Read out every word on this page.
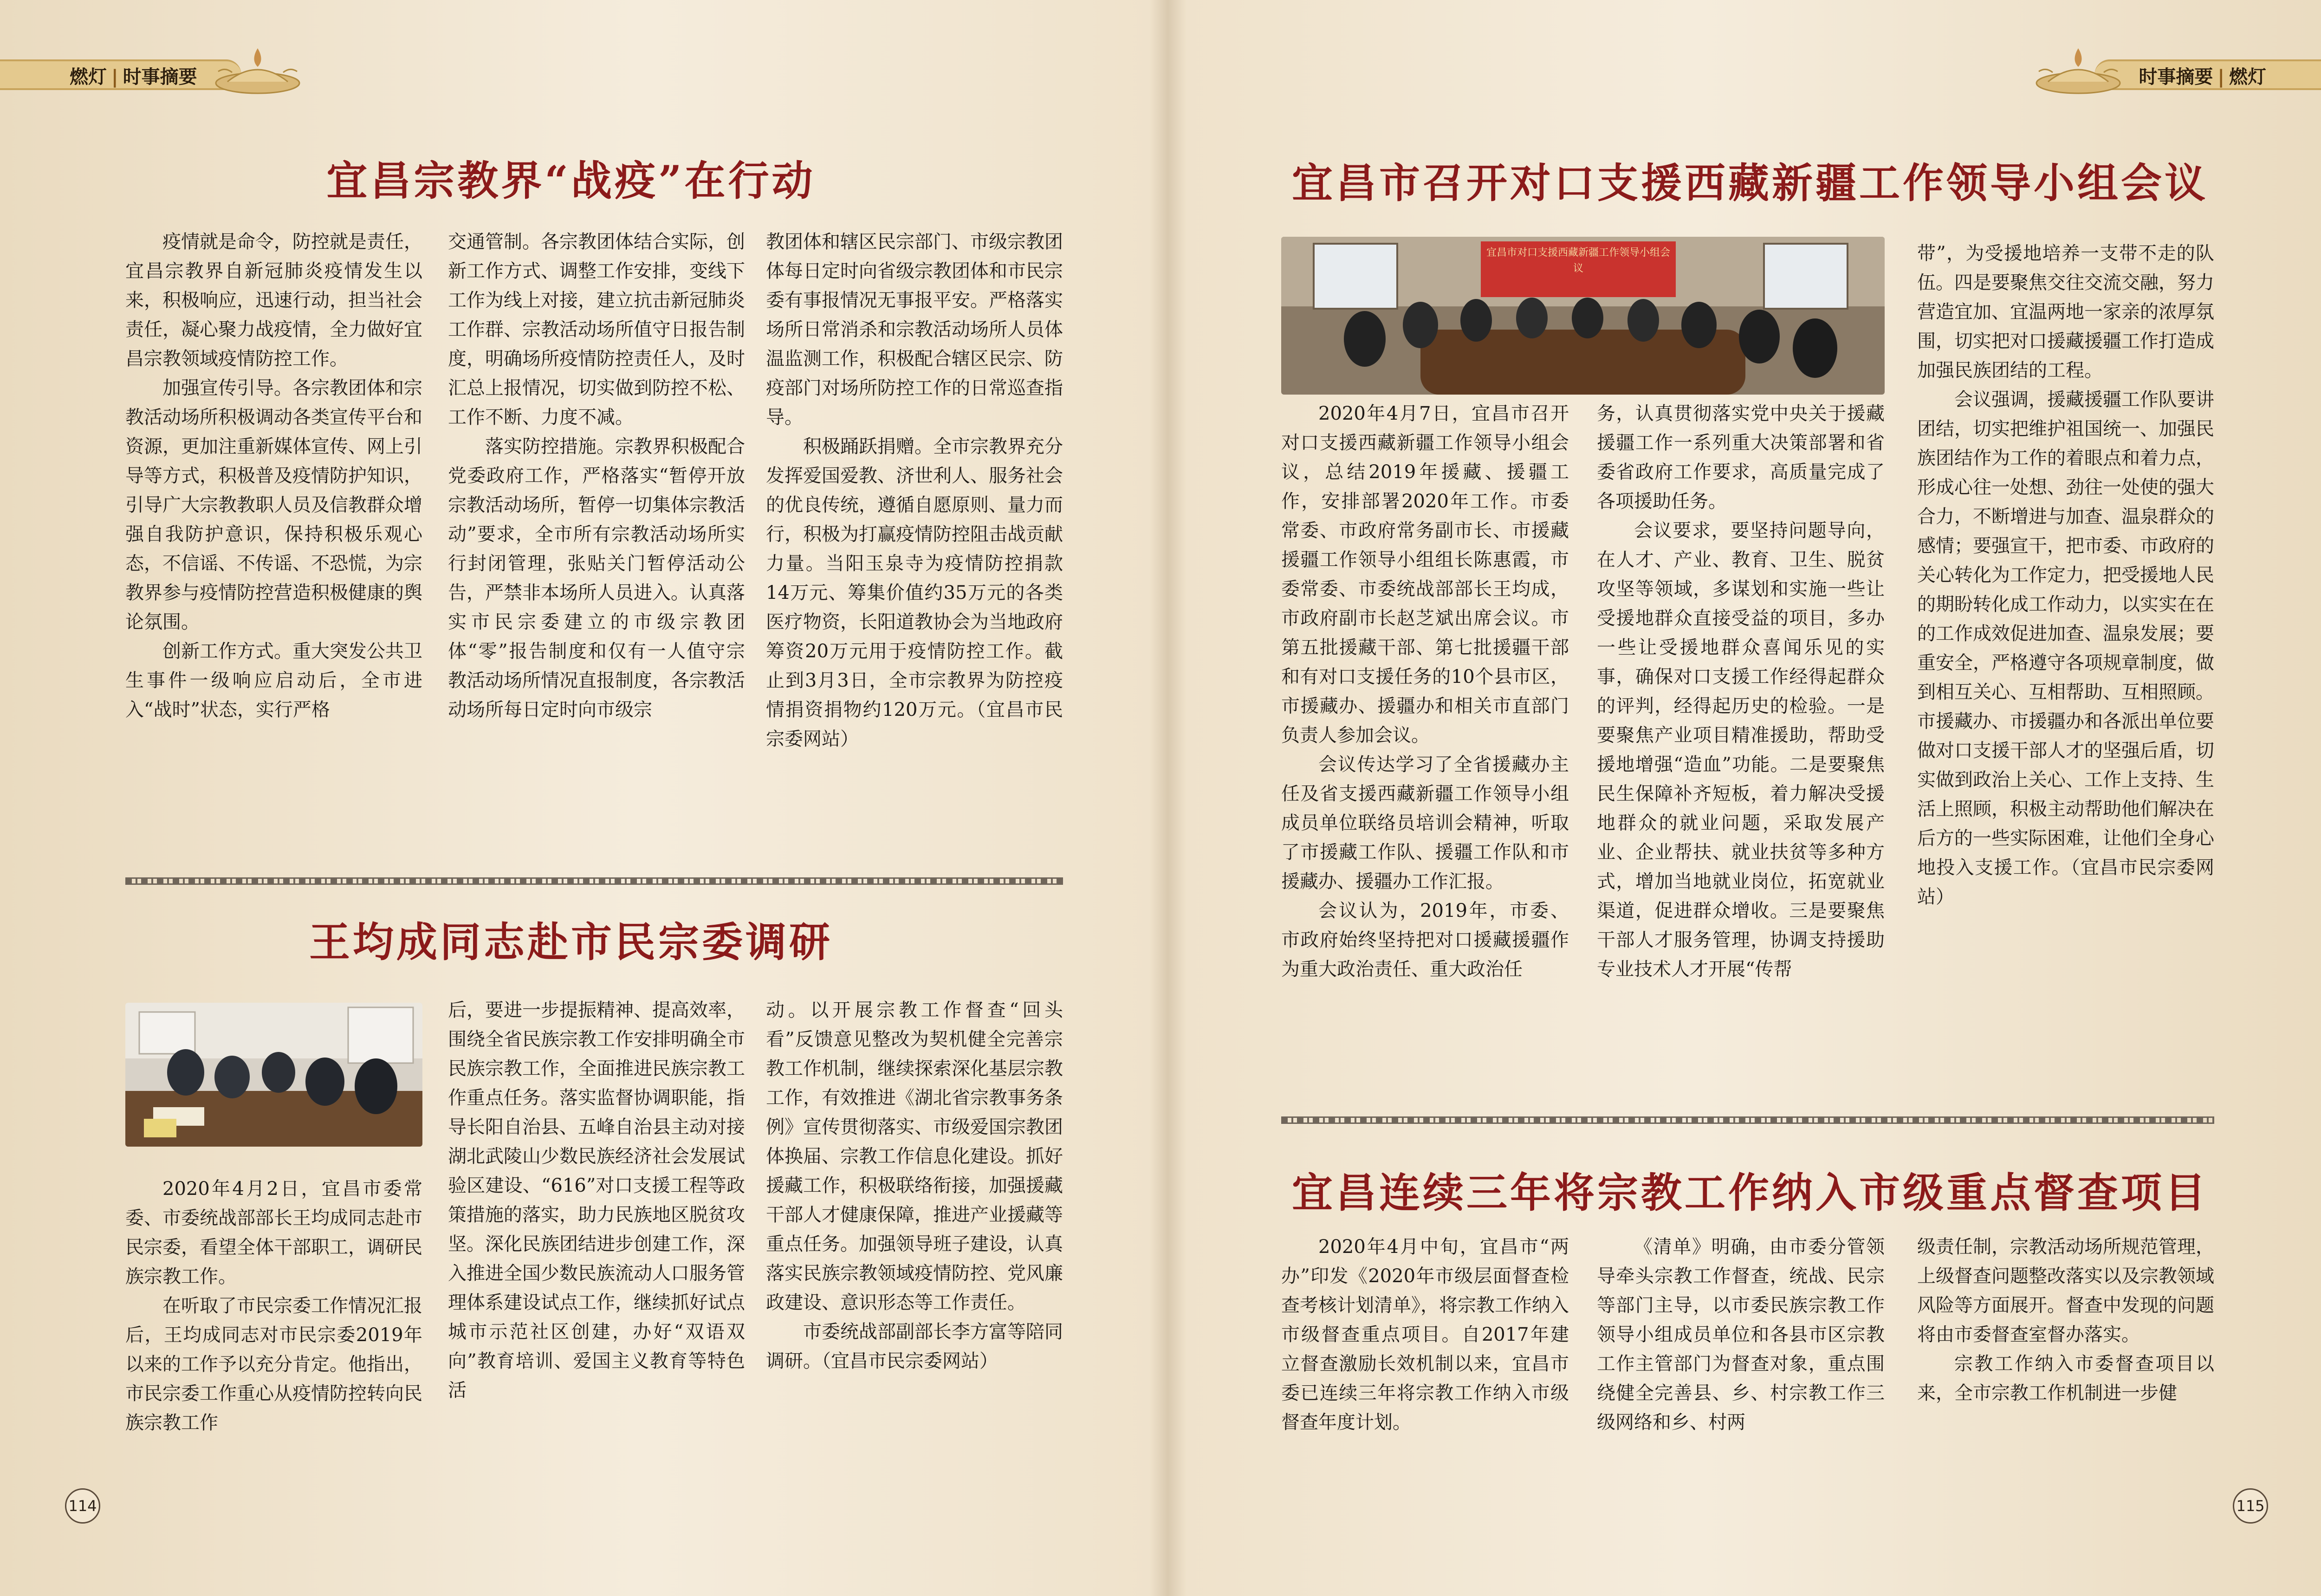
燃灯 | 时事摘要	时事摘要 | 燃灯
宜昌宗教界“战疫”在行动

疫情就是命令，防控就是责任，宜昌宗教界自新冠肺炎疫情发生以来，积极响应，迅速行动，担当社会责任，凝心聚力战疫情，全力做好宜昌宗教领域疫情防控工作。

加强宣传引导。各宗教团体和宗教活动场所积极调动各类宣传平台和资源，更加注重新媒体宣传、网上引导等方式，积极普及疫情防护知识，引导广大宗教教职人员及信教群众增强自我防护意识，保持积极乐观心态，不信谣、不传谣、不恐慌，为宗教界参与疫情防控营造积极健康的舆论氛围。

创新工作方式。重大突发公共卫生事件一级响应启动后，全市进入“战时”状态，实行严格

交通管制。各宗教团体结合实际，创新工作方式、调整工作安排，变线下工作为线上对接，建立抗击新冠肺炎工作群、宗教活动场所值守日报告制度，明确场所疫情防控责任人，及时汇总上报情况，切实做到防控不松、工作不断、力度不减。

落实防控措施。宗教界积极配合党委政府工作，严格落实“暂停开放宗教活动场所，暂停一切集体宗教活动”要求，全市所有宗教活动场所实行封闭管理，张贴关门暂停活动公告，严禁非本场所人员进入。认真落实市民宗委建立的市级宗教团体“零”报告制度和仅有一人值守宗教活动场所情况直报制度，各宗教活动场所每日定时向市级宗

教团体和辖区民宗部门、市级宗教团体每日定时向省级宗教团体和市民宗委有事报情况无事报平安。严格落实场所日常消杀和宗教活动场所人员体温监测工作，积极配合辖区民宗、防疫部门对场所防控工作的日常巡查指导。

积极踊跃捐赠。全市宗教界充分发挥爱国爱教、济世利人、服务社会的优良传统，遵循自愿原则、量力而行，积极为打赢疫情防控阻击战贡献力量。当阳玉泉寺为疫情防控捐款14万元、筹集价值约35万元的各类医疗物资，长阳道教协会为当地政府筹资20万元用于疫情防控工作。截止到3月3日，全市宗教界为防控疫情捐资捐物约120万元。（宜昌市民宗委网站）

王均成同志赴市民宗委调研

2020年4月2日，宜昌市委常委、市委统战部部长王均成同志赴市民宗委，看望全体干部职工，调研民族宗教工作。

在听取了市民宗委工作情况汇报后，王均成同志对市民宗委2019年以来的工作予以充分肯定。他指出，市民宗委工作重心从疫情防控转向民族宗教工作

后，要进一步提振精神、提高效率，围绕全省民族宗教工作安排明确全市民族宗教工作，全面推进民族宗教工作重点任务。落实监督协调职能，指导长阳自治县、五峰自治县主动对接湖北武陵山少数民族经济社会发展试验区建设、“616”对口支援工程等政策措施的落实，助力民族地区脱贫攻坚。深化民族团结进步创建工作，深入推进全国少数民族流动人口服务管理体系建设试点工作，继续抓好试点城市示范社区创建，办好“双语双向”教育培训、爱国主义教育等特色活

动。以开展宗教工作督查“回头看”反馈意见整改为契机健全完善宗教工作机制，继续探索深化基层宗教工作，有效推进《湖北省宗教事务条例》宣传贯彻落实、市级爱国宗教团体换届、宗教工作信息化建设。抓好援藏工作，积极联络衔接，加强援藏干部人才健康保障，推进产业援藏等重点任务。加强领导班子建设，认真落实民族宗教领域疫情防控、党风廉政建设、意识形态等工作责任。

市委统战部副部长李方富等陪同调研。（宜昌市民宗委网站）

114
宜昌市召开对口支援西藏新疆工作领导小组会议
宜昌市对口支援西藏新疆工作领导小组会议

2020年4月7日，宜昌市召开对口支援西藏新疆工作领导小组会议，总结2019年援藏、援疆工作，安排部署2020年工作。市委常委、市政府常务副市长、市援藏援疆工作领导小组组长陈惠霞，市委常委、市委统战部部长王均成，市政府副市长赵芝斌出席会议。市第五批援藏干部、第七批援疆干部和有对口支援任务的10个县市区，市援藏办、援疆办和相关市直部门负责人参加会议。

会议传达学习了全省援藏办主任及省支援西藏新疆工作领导小组成员单位联络员培训会精神，听取了市援藏工作队、援疆工作队和市援藏办、援疆办工作汇报。

会议认为，2019年，市委、市政府始终坚持把对口援藏援疆作为重大政治责任、重大政治任

务，认真贯彻落实党中央关于援藏援疆工作一系列重大决策部署和省委省政府工作要求，高质量完成了各项援助任务。

会议要求，要坚持问题导向，在人才、产业、教育、卫生、脱贫攻坚等领域，多谋划和实施一些让受援地群众直接受益的项目，多办一些让受援地群众喜闻乐见的实事，确保对口支援工作经得起群众的评判，经得起历史的检验。一是要聚焦产业项目精准援助，帮助受援地增强“造血”功能。二是要聚焦民生保障补齐短板，着力解决受援地群众的就业问题，采取发展产业、企业帮扶、就业扶贫等多种方式，增加当地就业岗位，拓宽就业渠道，促进群众增收。三是要聚焦干部人才服务管理，协调支持援助专业技术人才开展“传帮

带”，为受援地培养一支带不走的队伍。四是要聚焦交往交流交融，努力营造宜加、宜温两地一家亲的浓厚氛围，切实把对口援藏援疆工作打造成加强民族团结的工程。

会议强调，援藏援疆工作队要讲团结，切实把维护祖国统一、加强民族团结作为工作的着眼点和着力点，形成心往一处想、劲往一处使的强大合力，不断增进与加查、温泉群众的感情；要强宣干，把市委、市政府的关心转化为工作定力，把受援地人民的期盼转化成工作动力，以实实在在的工作成效促进加查、温泉发展；要重安全，严格遵守各项规章制度，做到相互关心、互相帮助、互相照顾。市援藏办、市援疆办和各派出单位要做对口支援干部人才的坚强后盾，切实做到政治上关心、工作上支持、生活上照顾，积极主动帮助他们解决在后方的一些实际困难，让他们全身心地投入支援工作。（宜昌市民宗委网站）

宜昌连续三年将宗教工作纳入市级重点督查项目

2020年4月中旬，宜昌市“两办”印发《2020年市级层面督查检查考核计划清单》，将宗教工作纳入市级督查重点项目。自2017年建立督查激励长效机制以来，宜昌市委已连续三年将宗教工作纳入市级督查年度计划。

《清单》明确，由市委分管领导牵头宗教工作督查，统战、民宗等部门主导，以市委民族宗教工作领导小组成员单位和各县市区宗教工作主管部门为督查对象，重点围绕健全完善县、乡、村宗教工作三级网络和乡、村两

级责任制，宗教活动场所规范管理，上级督查问题整改落实以及宗教领域风险等方面展开。督查中发现的问题将由市委督查室督办落实。

宗教工作纳入市委督查项目以来，全市宗教工作机制进一步健

115
